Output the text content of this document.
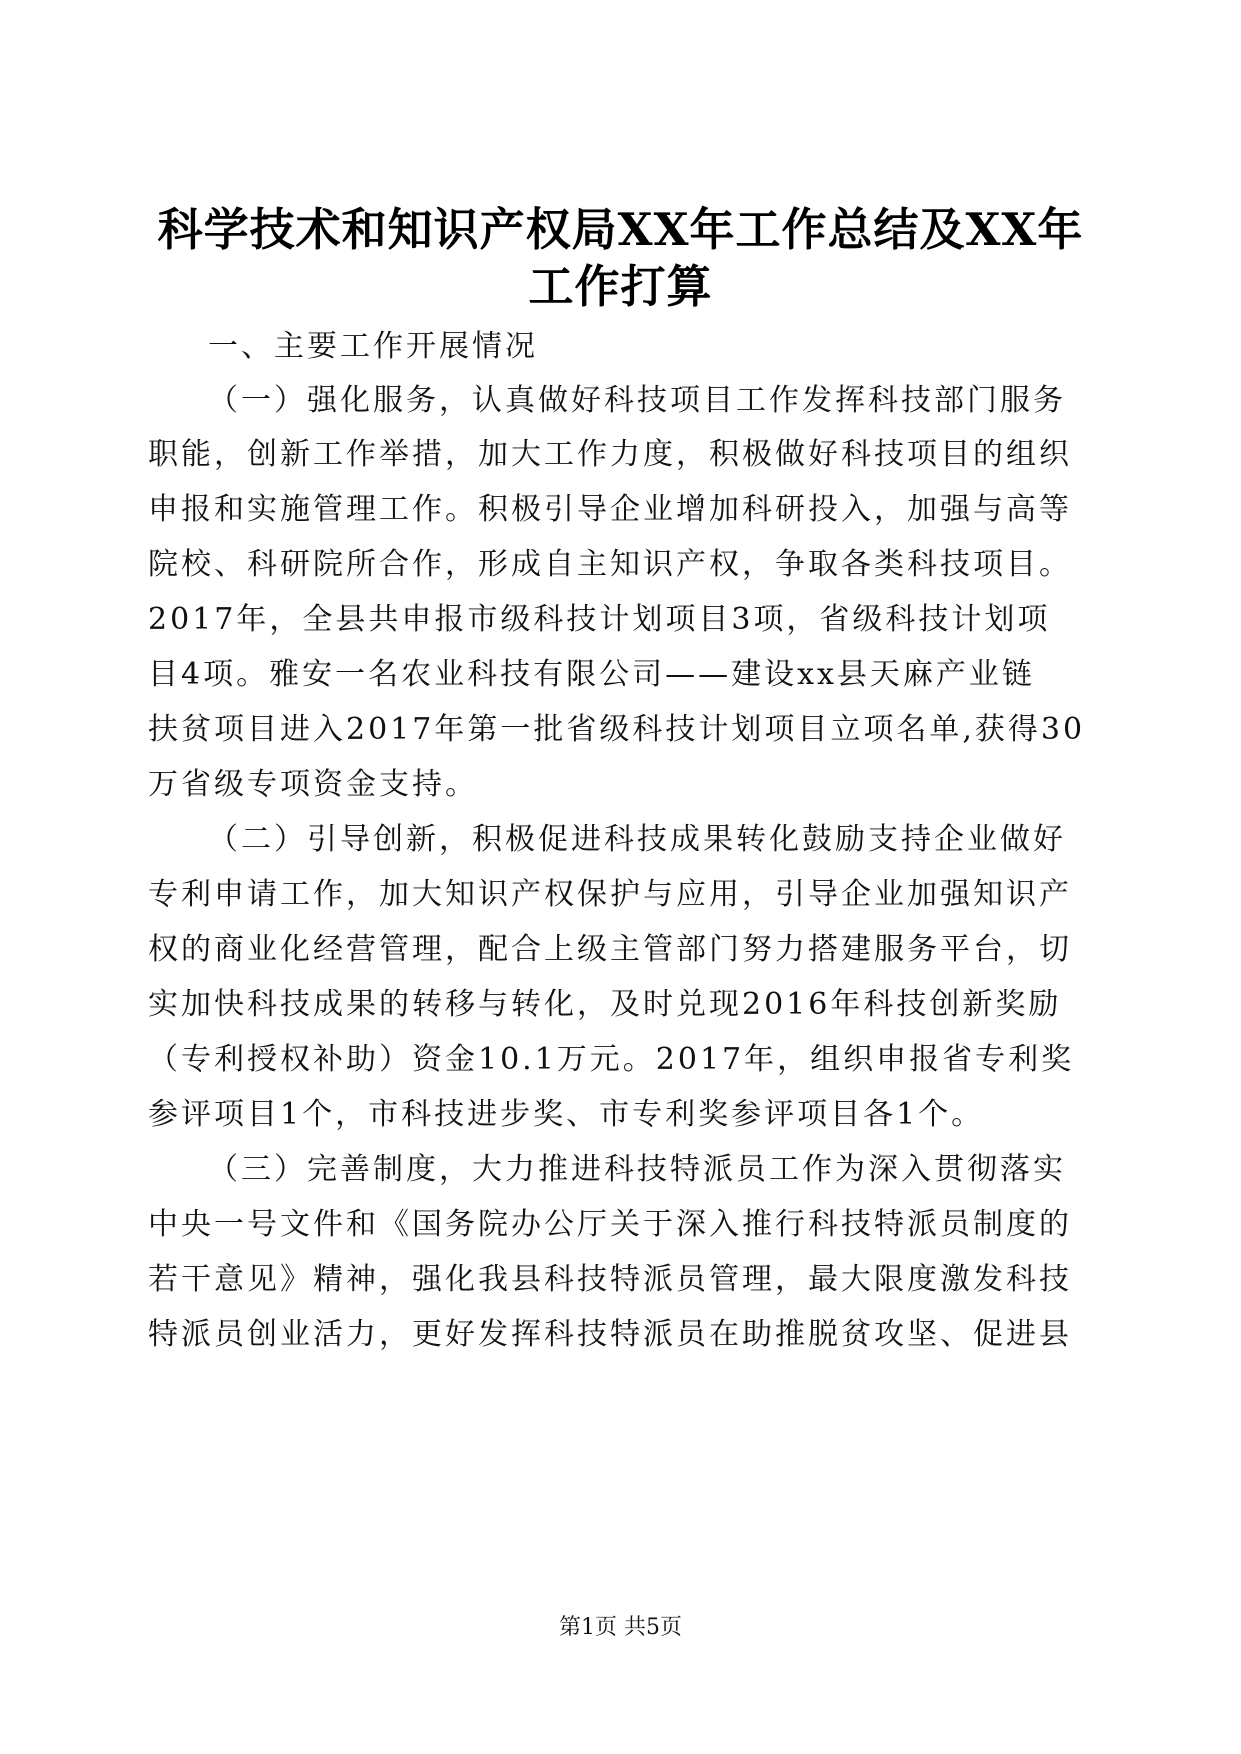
科学技术和知识产权局XX年工作总结及XX年
工作打算
一、主要工作开展情况
（一）强化服务，认真做好科技项目工作发挥科技部门服务
职能，创新工作举措，加大工作力度，积极做好科技项目的组织
申报和实施管理工作。积极引导企业增加科研投入，加强与高等
院校、科研院所合作，形成自主知识产权，争取各类科技项目。
2017年，全县共申报市级科技计划项目3项，省级科技计划项
目4项。雅安一名农业科技有限公司——建设xx县天麻产业链
扶贫项目进入2017年第一批省级科技计划项目立项名单,获得30
万省级专项资金支持。
（二）引导创新，积极促进科技成果转化鼓励支持企业做好
专利申请工作，加大知识产权保护与应用，引导企业加强知识产
权的商业化经营管理，配合上级主管部门努力搭建服务平台，切
实加快科技成果的转移与转化，及时兑现2016年科技创新奖励
（专利授权补助）资金10.1万元。2017年，组织申报省专利奖
参评项目1个，市科技进步奖、市专利奖参评项目各1个。
（三）完善制度，大力推进科技特派员工作为深入贯彻落实
中央一号文件和《国务院办公厅关于深入推行科技特派员制度的
若干意见》精神，强化我县科技特派员管理，最大限度激发科技
特派员创业活力，更好发挥科技特派员在助推脱贫攻坚、促进县
第1页 共5页
